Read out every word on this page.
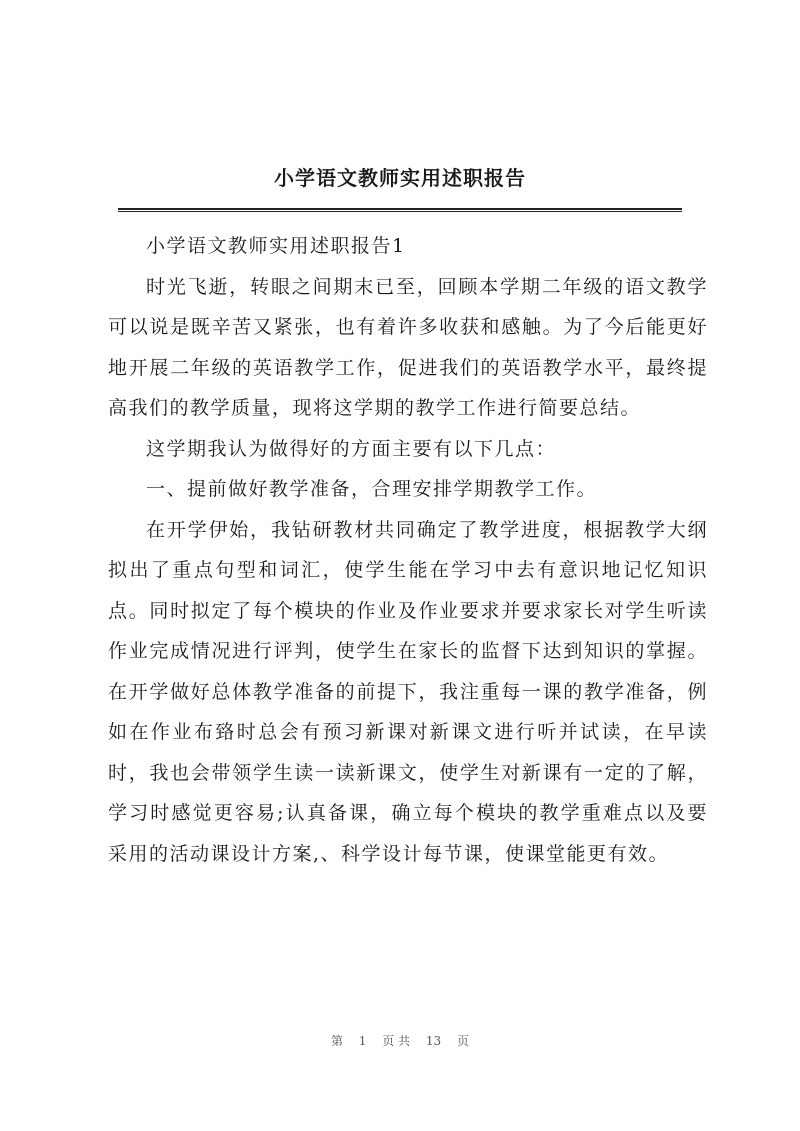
小学语文教师实用述职报告

小学语文教师实用述职报告1

时光飞逝，转眼之间期末已至，回顾本学期二年级的语文教学可以说是既辛苦又紧张，也有着许多收获和感触。为了今后能更好地开展二年级的英语教学工作，促进我们的英语教学水平，最终提高我们的教学质量，现将这学期的教学工作进行简要总结。

这学期我认为做得好的方面主要有以下几点：

一、提前做好教学准备，合理安排学期教学工作。

在开学伊始，我钻研教材共同确定了教学进度，根据教学大纲拟出了重点句型和词汇，使学生能在学习中去有意识地记忆知识点。同时拟定了每个模块的作业及作业要求并要求家长对学生听读作业完成情况进行评判，使学生在家长的监督下达到知识的掌握。在开学做好总体教学准备的前提下，我注重每一课的教学准备，例如在作业布臵时总会有预习新课对新课文进行听并试读，在早读时，我也会带领学生读一读新课文，使学生对新课有一定的了解，学习时感觉更容易;认真备课，确立每个模块的教学重难点以及要采用的活动课设计方案,、科学设计每节课，使课堂能更有效。

第 1 页 共 13 页
